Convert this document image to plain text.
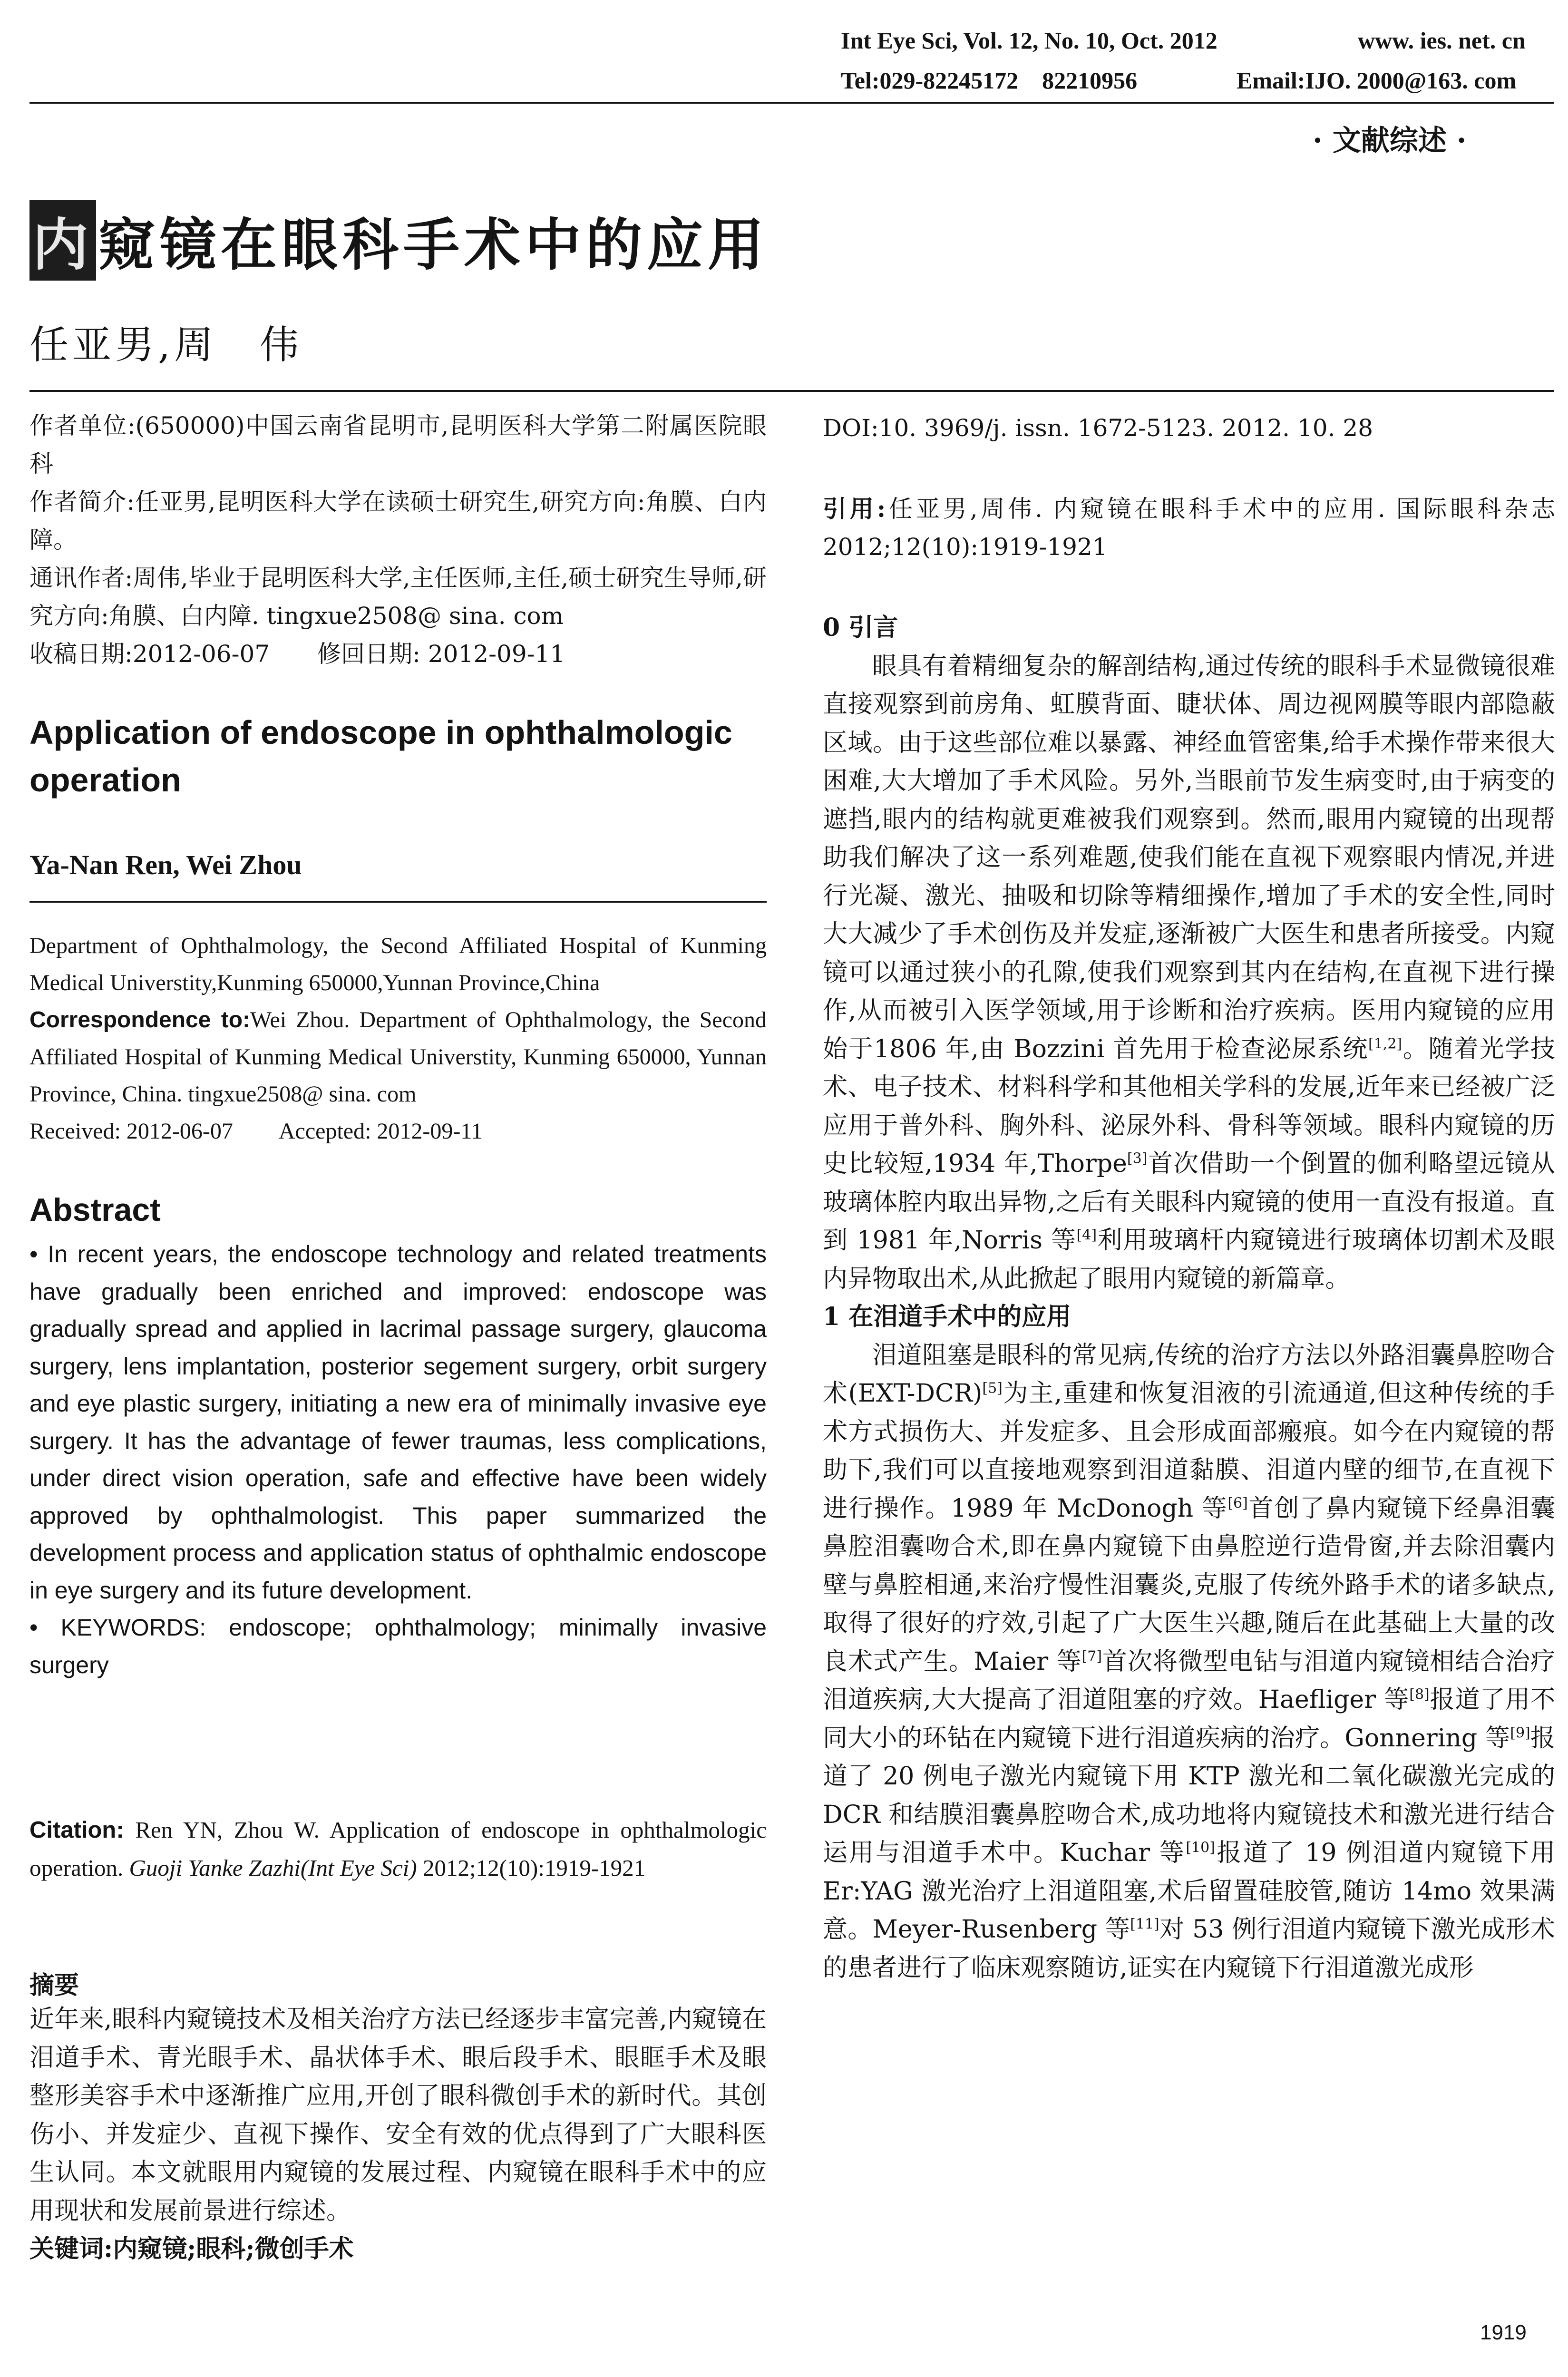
Int Eye Sci, Vol. 12, No. 10, Oct. 2012	www. ies. net. cn
Tel:029-82245172　82210956	Email:IJO. 2000@163. com
· 文献综述 ·
内 窥镜在眼科手术中的应用
任亚男,周　伟

作者单位:(650000)中国云南省昆明市,昆明医科大学第二附属医院眼科

作者简介:任亚男,昆明医科大学在读硕士研究生,研究方向:角膜、白内障。

通讯作者:周伟,毕业于昆明医科大学,主任医师,主任,硕士研究生导师,研究方向:角膜、白内障. tingxue2508@ sina. com

收稿日期:2012-06-07　　修回日期: 2012-09-11

Application of endoscope in ophthalmologic operation
Ya-Nan Ren, Wei Zhou

Department of Ophthalmology, the Second Affiliated Hospital of Kunming Medical Universtity,Kunming 650000,Yunnan Province,China

Correspondence to:Wei Zhou. Department of Ophthalmology, the Second Affiliated Hospital of Kunming Medical Universtity, Kunming 650000, Yunnan Province, China. tingxue2508@ sina. com

Received: 2012-06-07　　Accepted: 2012-09-11

Abstract

• In recent years, the endoscope technology and related treatments have gradually been enriched and improved: endoscope was gradually spread and applied in lacrimal passage surgery, glaucoma surgery, lens implantation, posterior segement surgery, orbit surgery and eye plastic surgery, initiating a new era of minimally invasive eye surgery. It has the advantage of fewer traumas, less complications, under direct vision operation, safe and effective have been widely approved by ophthalmologist. This paper summarized the development process and application status of ophthalmic endoscope in eye surgery and its future development.

• KEYWORDS: endoscope; ophthalmology; minimally invasive surgery

Citation: Ren YN, Zhou W. Application of endoscope in ophthalmologic operation. Guoji Yanke Zazhi(Int Eye Sci) 2012;12(10):1919-1921
摘要

近年来,眼科内窥镜技术及相关治疗方法已经逐步丰富完善,内窥镜在泪道手术、青光眼手术、晶状体手术、眼后段手术、眼眶手术及眼整形美容手术中逐渐推广应用,开创了眼科微创手术的新时代。其创伤小、并发症少、直视下操作、安全有效的优点得到了广大眼科医生认同。本文就眼用内窥镜的发展过程、内窥镜在眼科手术中的应用现状和发展前景进行综述。

关键词:内窥镜;眼科;微创手术

DOI:10. 3969/j. issn. 1672-5123. 2012. 10. 28
引用:任亚男,周伟. 内窥镜在眼科手术中的应用. 国际眼科杂志 2012;12(10):1919-1921

0 引言

眼具有着精细复杂的解剖结构,通过传统的眼科手术显微镜很难直接观察到前房角、虹膜背面、睫状体、周边视网膜等眼内部隐蔽区域。由于这些部位难以暴露、神经血管密集,给手术操作带来很大困难,大大增加了手术风险。另外,当眼前节发生病变时,由于病变的遮挡,眼内的结构就更难被我们观察到。然而,眼用内窥镜的出现帮助我们解决了这一系列难题,使我们能在直视下观察眼内情况,并进行光凝、激光、抽吸和切除等精细操作,增加了手术的安全性,同时大大减少了手术创伤及并发症,逐渐被广大医生和患者所接受。内窥镜可以通过狭小的孔隙,使我们观察到其内在结构,在直视下进行操作,从而被引入医学领域,用于诊断和治疗疾病。医用内窥镜的应用始于1806 年,由 Bozzini 首先用于检查泌尿系统[1,2]。随着光学技术、电子技术、材料科学和其他相关学科的发展,近年来已经被广泛应用于普外科、胸外科、泌尿外科、骨科等领域。眼科内窥镜的历史比较短,1934 年,Thorpe[3]首次借助一个倒置的伽利略望远镜从玻璃体腔内取出异物,之后有关眼科内窥镜的使用一直没有报道。直到 1981 年,Norris 等[4]利用玻璃杆内窥镜进行玻璃体切割术及眼内异物取出术,从此掀起了眼用内窥镜的新篇章。

1 在泪道手术中的应用

泪道阻塞是眼科的常见病,传统的治疗方法以外路泪囊鼻腔吻合术(EXT-DCR)[5]为主,重建和恢复泪液的引流通道,但这种传统的手术方式损伤大、并发症多、且会形成面部瘢痕。如今在内窥镜的帮助下,我们可以直接地观察到泪道黏膜、泪道内壁的细节,在直视下进行操作。1989 年 McDonogh 等[6]首创了鼻内窥镜下经鼻泪囊鼻腔泪囊吻合术,即在鼻内窥镜下由鼻腔逆行造骨窗,并去除泪囊内壁与鼻腔相通,来治疗慢性泪囊炎,克服了传统外路手术的诸多缺点,取得了很好的疗效,引起了广大医生兴趣,随后在此基础上大量的改良术式产生。Maier 等[7]首次将微型电钻与泪道内窥镜相结合治疗泪道疾病,大大提高了泪道阻塞的疗效。Haefliger 等[8]报道了用不同大小的环钻在内窥镜下进行泪道疾病的治疗。Gonnering 等[9]报道了 20 例电子激光内窥镜下用 KTP 激光和二氧化碳激光完成的 DCR 和结膜泪囊鼻腔吻合术,成功地将内窥镜技术和激光进行结合运用与泪道手术中。Kuchar 等[10]报道了 19 例泪道内窥镜下用 Er:YAG 激光治疗上泪道阻塞,术后留置硅胶管,随访 14mo 效果满意。Meyer-Rusenberg 等[11]对 53 例行泪道内窥镜下激光成形术的患者进行了临床观察随访,证实在内窥镜下行泪道激光成形

1919
